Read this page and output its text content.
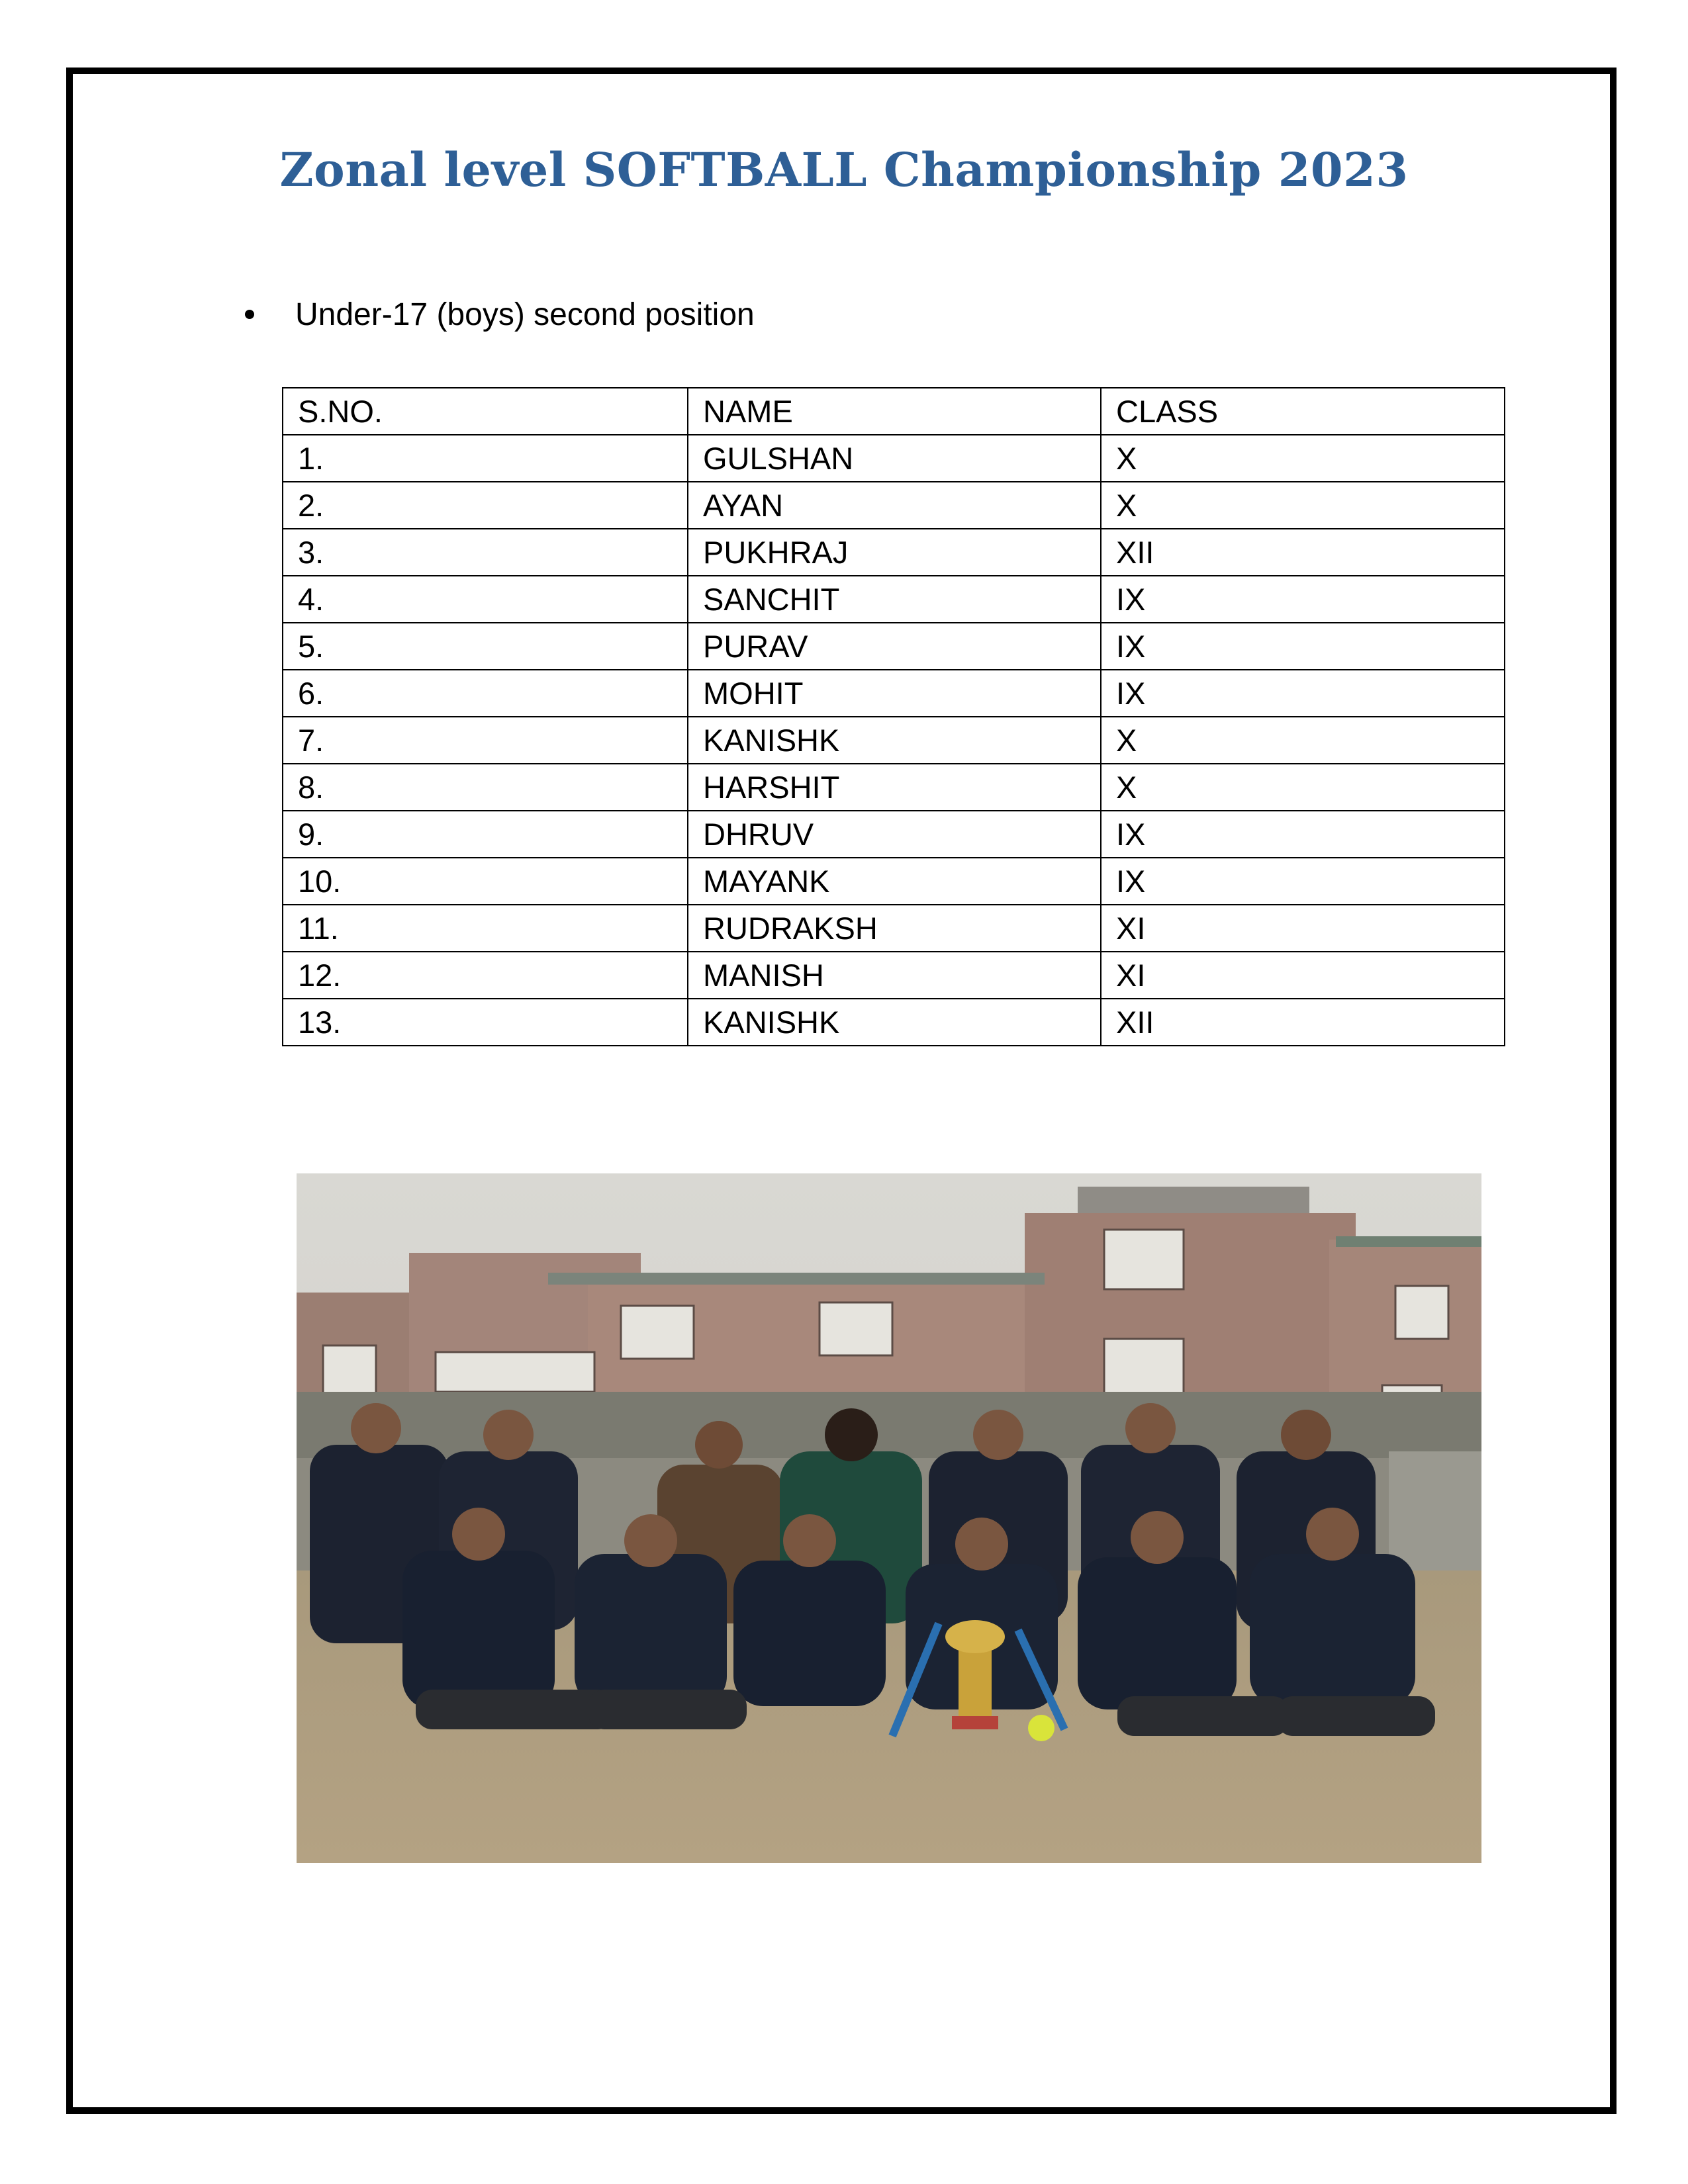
Zonal level SOFTBALL Championship 2023
Under-17 (boys) second position
S.NO.	NAME	CLASS
1.	GULSHAN	X
2.	AYAN	X
3.	PUKHRAJ	XII
4.	SANCHIT	IX
5.	PURAV	IX
6.	MOHIT	IX
7.	KANISHK	X
8.	HARSHIT	X
9.	DHRUV	IX
10.	MAYANK	IX
11.	RUDRAKSH	XI
12.	MANISH	XI
13.	KANISHK	XII
